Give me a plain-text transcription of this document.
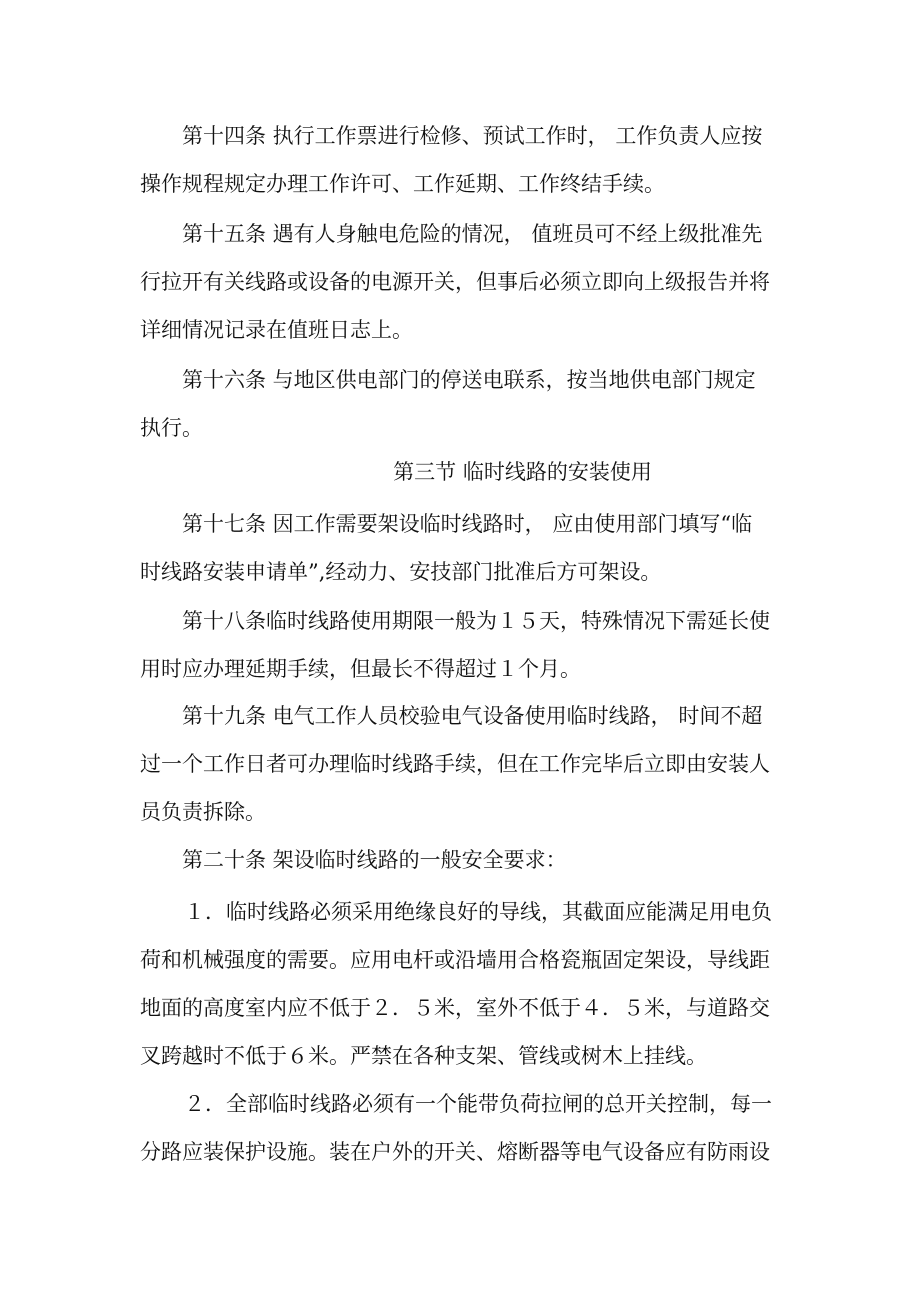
第十四条 执行工作票进行检修、预试工作时， 工作负责人应按
操作规程规定办理工作许可、工作延期、工作终结手续。

第十五条 遇有人身触电危险的情况， 值班员可不经上级批准先
行拉开有关线路或设备的电源开关，但事后必须立即向上级报告并将
详细情况记录在值班日志上。

第十六条 与地区供电部门的停送电联系，按当地供电部门规定
执行。

第三节 临时线路的安装使用

第十七条 因工作需要架设临时线路时， 应由使用部门填写“临
时线路安装申请单”,经动力、安技部门批准后方可架设。

第十八条临时线路使用期限一般为１５天，特殊情况下需延长使
用时应办理延期手续，但最长不得超过１个月。

第十九条 电气工作人员校验电气设备使用临时线路， 时间不超
过一个工作日者可办理临时线路手续，但在工作完毕后立即由安装人
员负责拆除。

第二十条 架设临时线路的一般安全要求：

１．临时线路必须采用绝缘良好的导线，其截面应能满足用电负
荷和机械强度的需要。应用电杆或沿墙用合格瓷瓶固定架设，导线距
地面的高度室内应不低于２．５米，室外不低于４．５米，与道路交
叉跨越时不低于６米。严禁在各种支架、管线或树木上挂线。

２．全部临时线路必须有一个能带负荷拉闸的总开关控制，每一
分路应装保护设施。装在户外的开关、熔断器等电气设备应有防雨设
